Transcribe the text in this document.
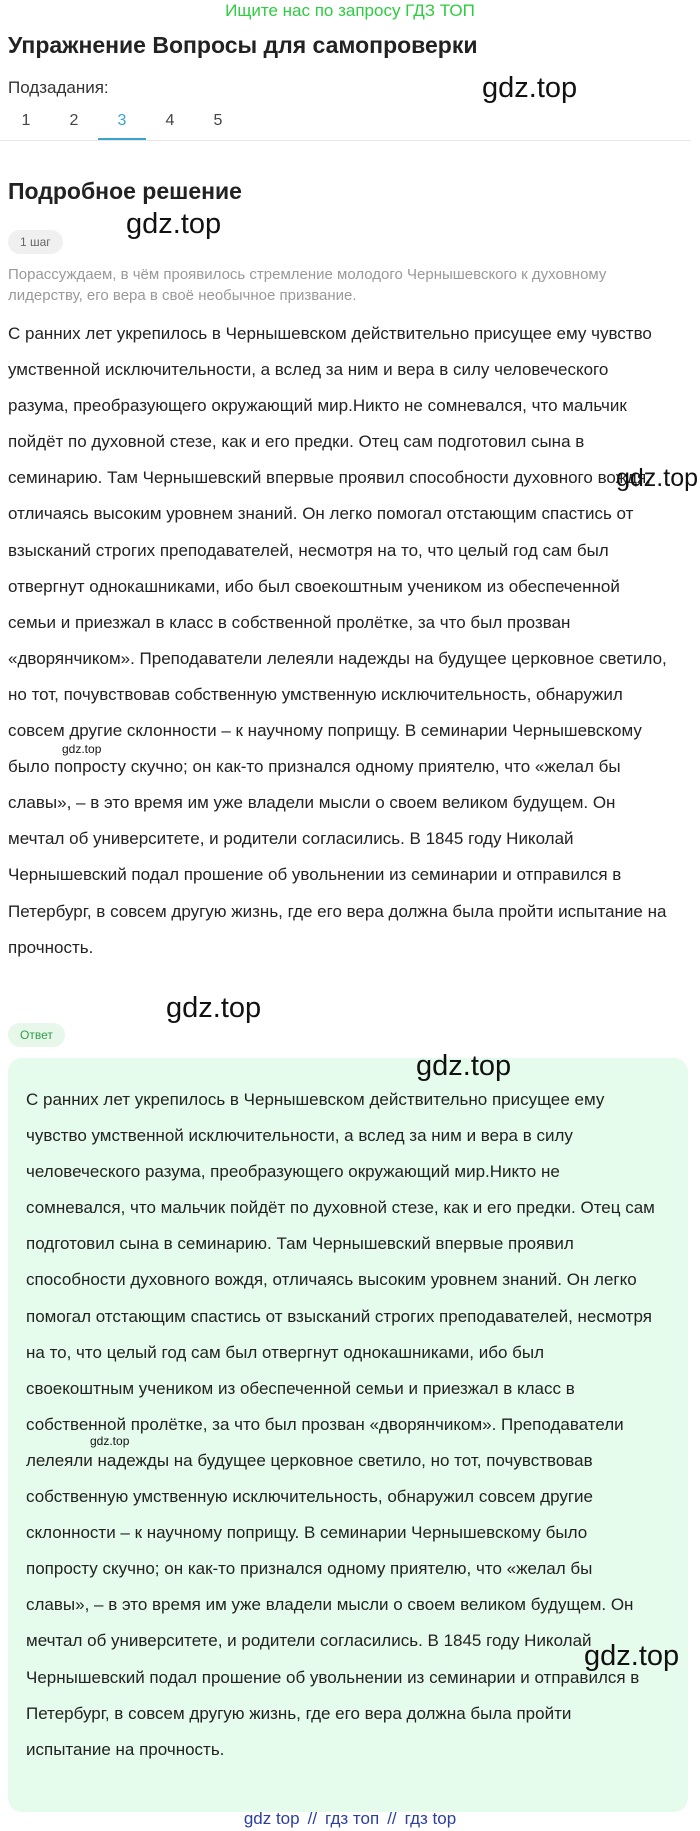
Ищите нас по запросу ГДЗ ТОП
Упражнение Вопросы для самопроверки
Подзадания:
1	2	3	4	5
gdz.top
Подробное решение
gdz.top
1 шаг
Порассуждаем, в чём проявилось стремление молодого Чернышевского к духовному лидерству, его вера в своё необычное призвание.
С ранних лет укрепилось в Чернышевском действительно присущее ему чувство умственной исключительности, а вслед за ним и вера в силу человеческого разума, преобразующего окружающий мир.Никто не сомневался, что мальчик пойдёт по духовной стезе, как и его предки. Отец сам подготовил сына в семинарию. Там Чернышевский впервые проявил способности духовного вождя, отличаясь высоким уровнем знаний. Он легко помогал отстающим спастись от взысканий строгих преподавателей, несмотря на то, что целый год сам был отвергнут однокашниками, ибо был своекоштным учеником из обеспеченной семьи и приезжал в класс в собственной пролётке, за что был прозван «дворянчиком». Преподаватели лелеяли надежды на будущее церковное светило, но тот, почувствовав собственную умственную исключительность, обнаружил совсем другие склонности – к научному поприщу. В семинарии Чернышевскому было попросту скучно; он как-то признался одному приятелю, что «желал бы славы», – в это время им уже владели мысли о своем великом будущем. Он мечтал об университете, и родители согласились. В 1845 году Николай Чернышевский подал прошение об увольнении из семинарии и отправился в Петербург, в совсем другую жизнь, где его вера должна была пройти испытание на прочность.
gdz.top
gdz.top
gdz.top
Ответ
С ранних лет укрепилось в Чернышевском действительно присущее ему чувство умственной исключительности, а вслед за ним и вера в силу человеческого разума, преобразующего окружающий мир.Никто не сомневался, что мальчик пойдёт по духовной стезе, как и его предки. Отец сам подготовил сына в семинарию. Там Чернышевский впервые проявил способности духовного вождя, отличаясь высоким уровнем знаний. Он легко помогал отстающим спастись от взысканий строгих преподавателей, несмотря на то, что целый год сам был отвергнут однокашниками, ибо был своекоштным учеником из обеспеченной семьи и приезжал в класс в собственной пролётке, за что был прозван «дворянчиком». Преподаватели лелеяли надежды на будущее церковное светило, но тот, почувствовав собственную умственную исключительность, обнаружил совсем другие склонности – к научному поприщу. В семинарии Чернышевскому было попросту скучно; он как-то признался одному приятелю, что «желал бы славы», – в это время им уже владели мысли о своем великом будущем. Он мечтал об университете, и родители согласились. В 1845 году Николай Чернышевский подал прошение об увольнении из семинарии и отправился в Петербург, в совсем другую жизнь, где его вера должна была пройти испытание на прочность.
gdz.top
gdz.top
gdz.top
gdz top // гдз топ // гдз top
